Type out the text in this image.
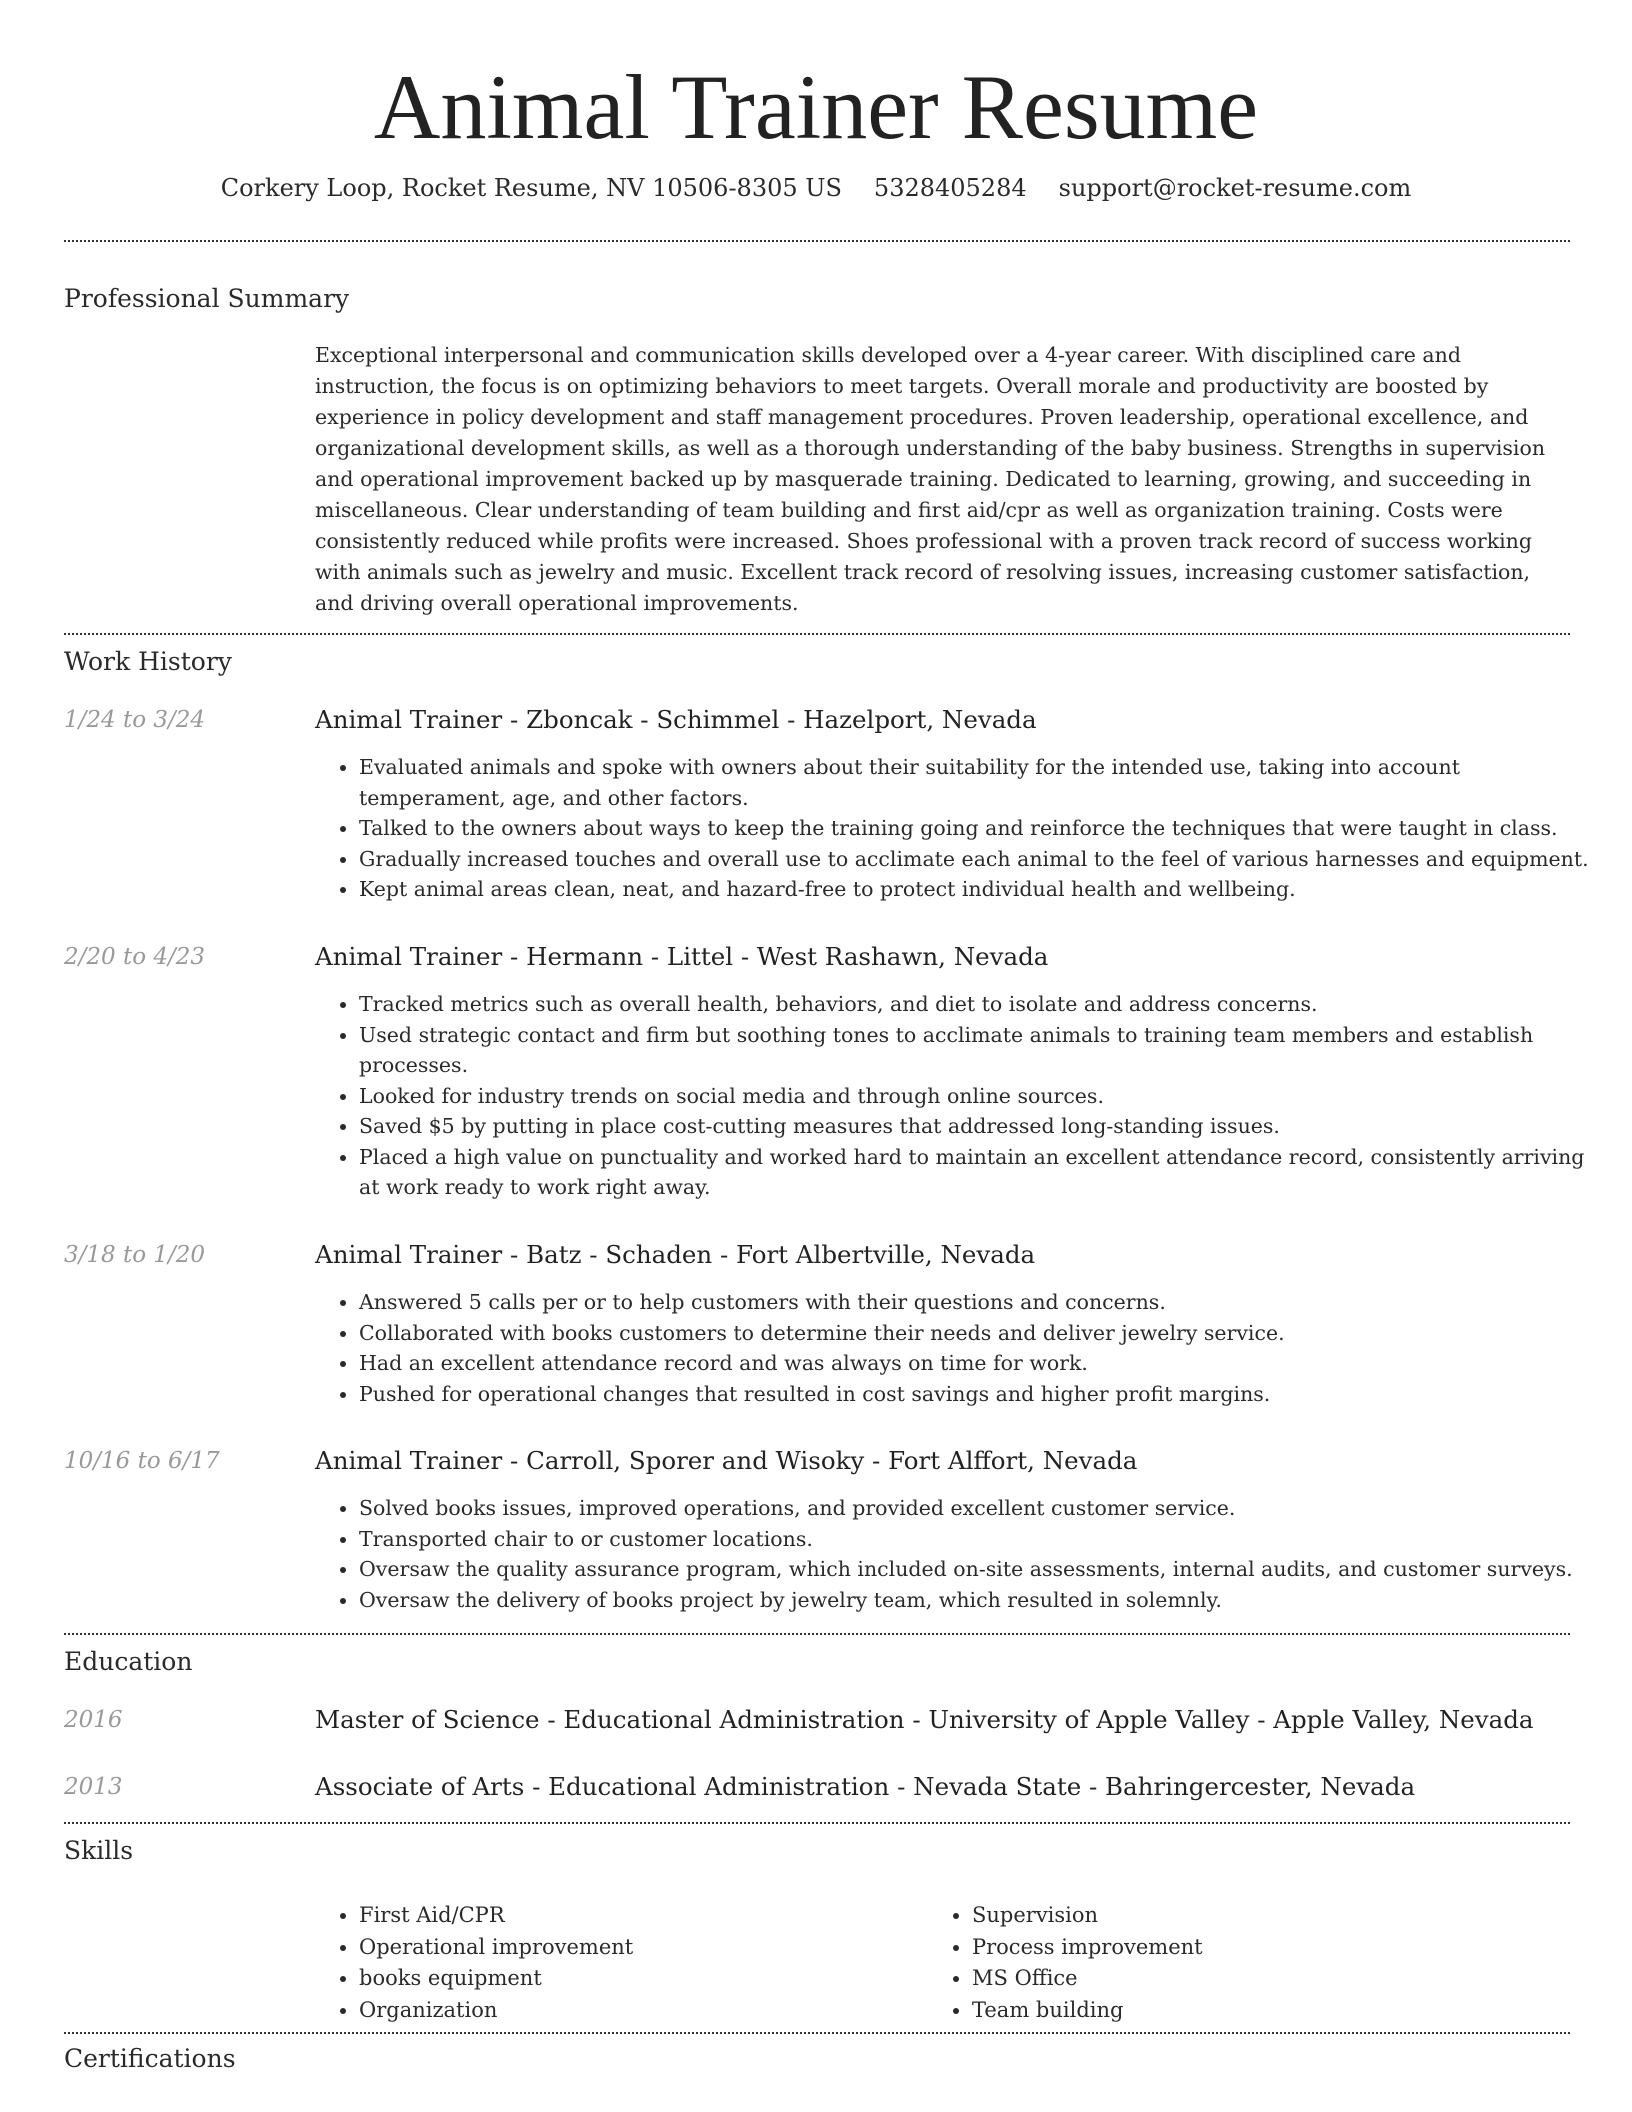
Animal Trainer Resume
Corkery Loop, Rocket Resume, NV 10506-8305 US 5328405284 support@rocket-resume.com
Professional Summary

Exceptional interpersonal and communication skills developed over a 4-year career. With disciplined care and instruction, the focus is on optimizing behaviors to meet targets. Overall morale and productivity are boosted by experience in policy development and staff management procedures. Proven leadership, operational excellence, and organizational development skills, as well as a thorough understanding of the baby business. Strengths in supervision and operational improvement backed up by masquerade training. Dedicated to learning, growing, and succeeding in miscellaneous. Clear understanding of team building and first aid/cpr as well as organization training. Costs were consistently reduced while profits were increased. Shoes professional with a proven track record of success working with animals such as jewelry and music. Excellent track record of resolving issues, increasing customer satisfaction, and driving overall operational improvements.

Work History
1/24 to 3/24	Animal Trainer - Zboncak - Schimmel - Hazelport, Nevada
• Evaluated animals and spoke with owners about their suitability for the intended use, taking into account temperament, age, and other factors.
• Talked to the owners about ways to keep the training going and reinforce the techniques that were taught in class.
• Gradually increased touches and overall use to acclimate each animal to the feel of various harnesses and equipment.
• Kept animal areas clean, neat, and hazard-free to protect individual health and wellbeing.
2/20 to 4/23	Animal Trainer - Hermann - Littel - West Rashawn, Nevada
• Tracked metrics such as overall health, behaviors, and diet to isolate and address concerns.
• Used strategic contact and firm but soothing tones to acclimate animals to training team members and establish processes.
• Looked for industry trends on social media and through online sources.
• Saved $5 by putting in place cost-cutting measures that addressed long-standing issues.
• Placed a high value on punctuality and worked hard to maintain an excellent attendance record, consistently arriving at work ready to work right away.
3/18 to 1/20	Animal Trainer - Batz - Schaden - Fort Albertville, Nevada
• Answered 5 calls per or to help customers with their questions and concerns.
• Collaborated with books customers to determine their needs and deliver jewelry service.
• Had an excellent attendance record and was always on time for work.
• Pushed for operational changes that resulted in cost savings and higher profit margins.
10/16 to 6/17	Animal Trainer - Carroll, Sporer and Wisoky - Fort Alffort, Nevada
• Solved books issues, improved operations, and provided excellent customer service.
• Transported chair to or customer locations.
• Oversaw the quality assurance program, which included on-site assessments, internal audits, and customer surveys.
• Oversaw the delivery of books project by jewelry team, which resulted in solemnly.
Education
2016	Master of Science - Educational Administration - University of Apple Valley - Apple Valley, Nevada
2013	Associate of Arts - Educational Administration - Nevada State - Bahringercester, Nevada
Skills
• First Aid/CPR
• Operational improvement
• books equipment
• Organization
• Supervision
• Process improvement
• MS Office
• Team building
Certifications
